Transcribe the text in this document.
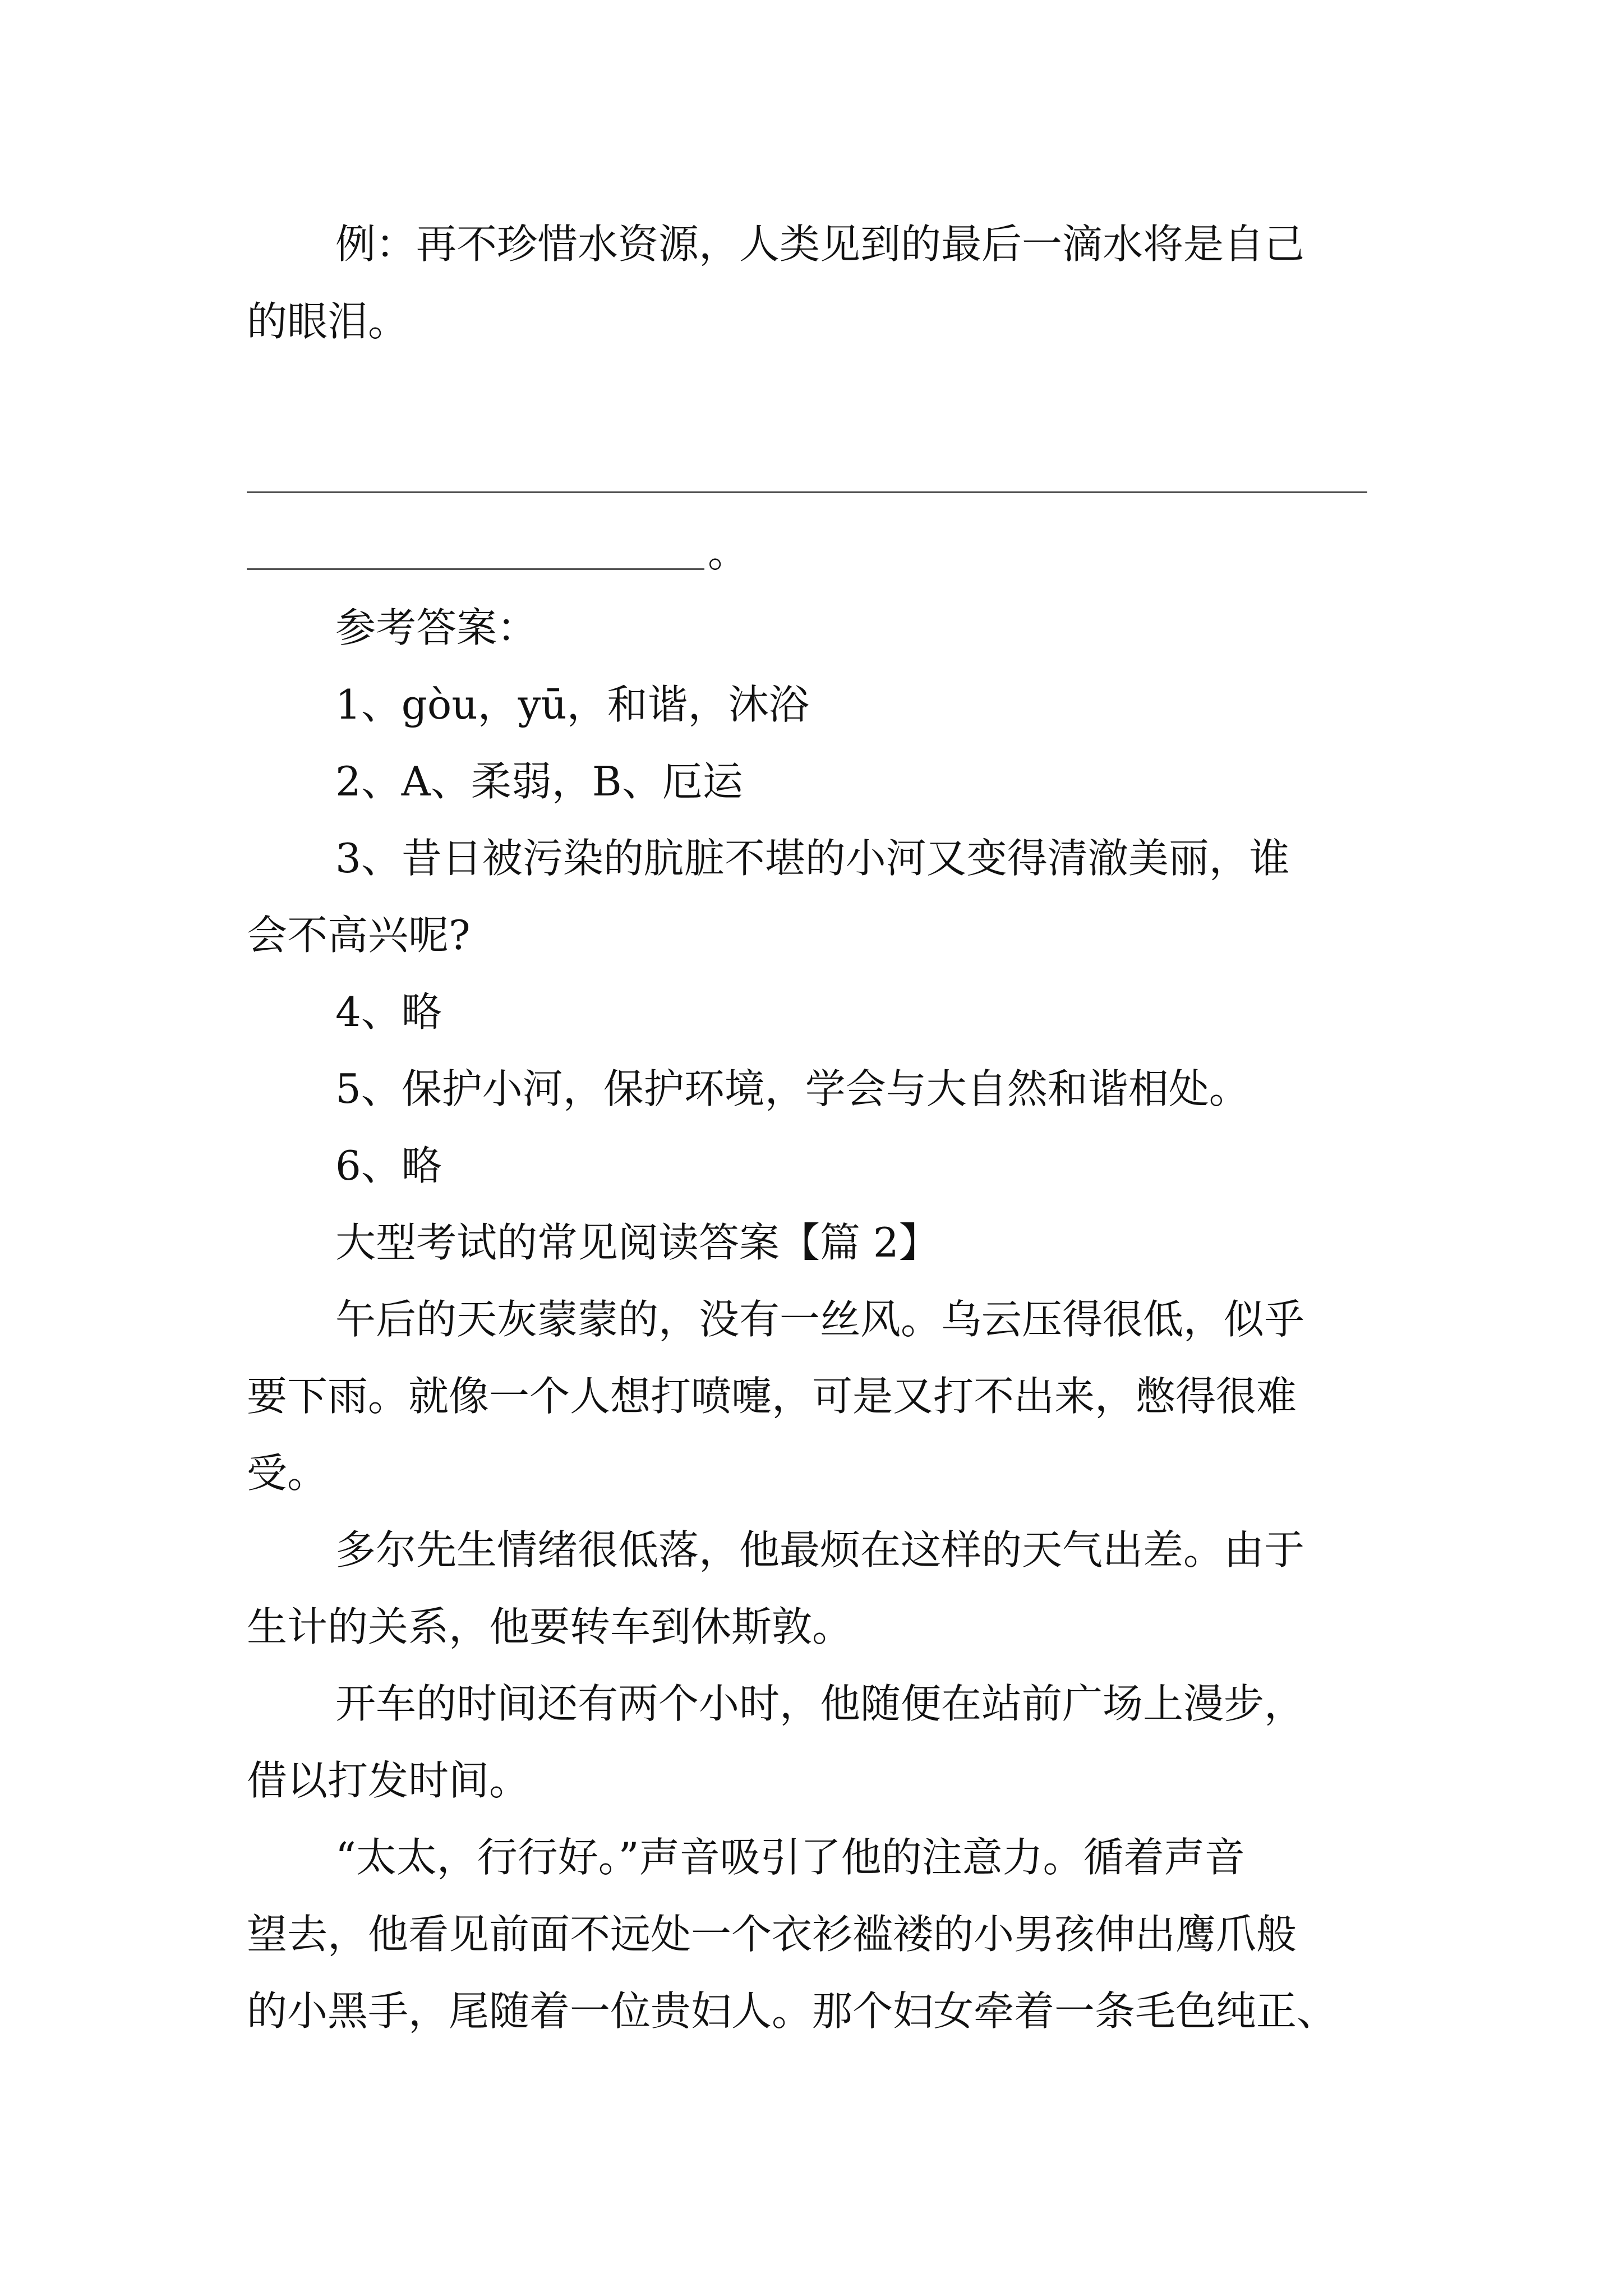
例：再不珍惜水资源，人类见到的最后一滴水将是自己
的眼泪。
。
参考答案：
1、gòu，yū，和谐，沐浴
2、A、柔弱，B、厄运
3、昔日被污染的肮脏不堪的小河又变得清澈美丽，谁
会不高兴呢?
4、略
5、保护小河，保护环境，学会与大自然和谐相处。
6、略
大型考试的常见阅读答案【篇 2】
午后的天灰蒙蒙的，没有一丝风。乌云压得很低，似乎
要下雨。就像一个人想打喷嚏，可是又打不出来，憋得很难
受。
多尔先生情绪很低落，他最烦在这样的天气出差。由于
生计的关系，他要转车到休斯敦。
开车的时间还有两个小时，他随便在站前广场上漫步，
借以打发时间。
“太太，行行好。”声音吸引了他的注意力。循着声音
望去，他看见前面不远处一个衣衫褴褛的小男孩伸出鹰爪般
的小黑手，尾随着一位贵妇人。那个妇女牵着一条毛色纯正、
